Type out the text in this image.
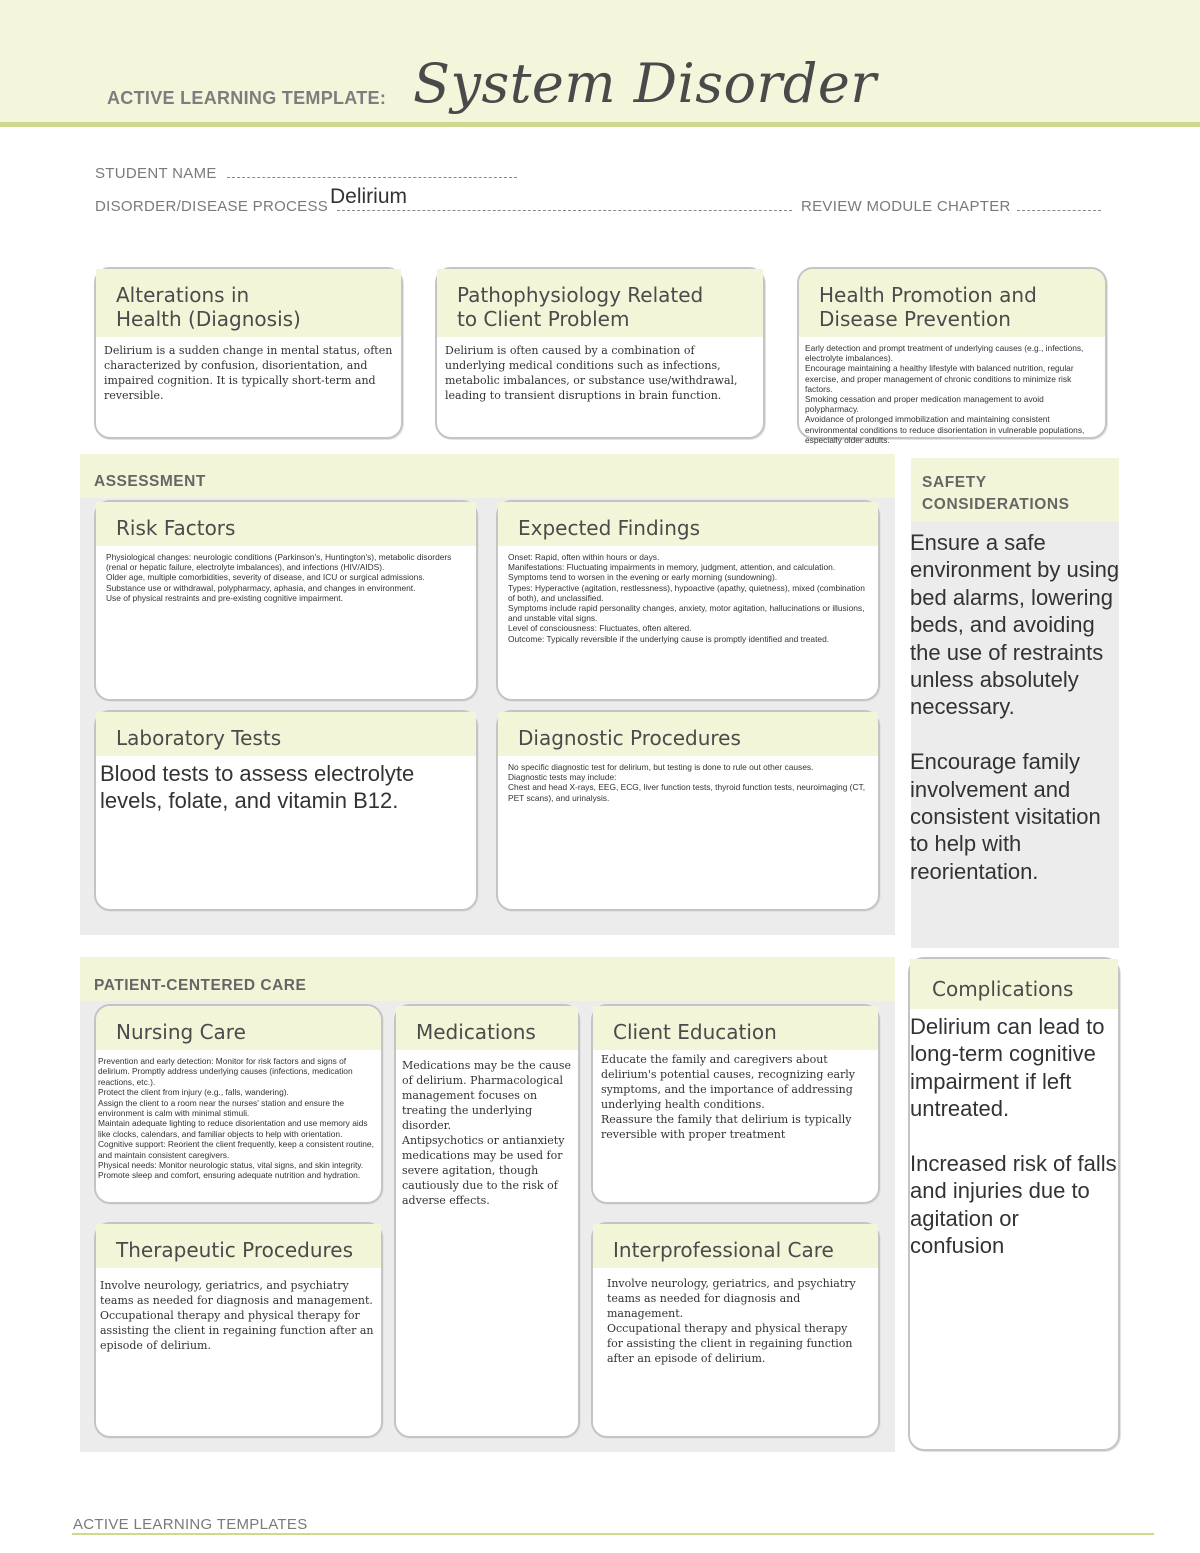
ACTIVE LEARNING TEMPLATE: System Disorder
STUDENT NAME
DISORDER/DISEASE PROCESS Delirium	REVIEW MODULE CHAPTER
Alterations in
Health (Diagnosis)
Delirium is a sudden change in mental status, often characterized by confusion, disorientation, and impaired cognition. It is typically short-term and reversible.
Pathophysiology Related
to Client Problem
Delirium is often caused by a combination of underlying medical conditions such as infections, metabolic imbalances, or substance use/withdrawal, leading to transient disruptions in brain function.
Health Promotion and
Disease Prevention
Early detection and prompt treatment of underlying causes (e.g., infections, electrolyte imbalances).
Encourage maintaining a healthy lifestyle with balanced nutrition, regular exercise, and proper management of chronic conditions to minimize risk factors.
Smoking cessation and proper medication management to avoid polypharmacy.
Avoidance of prolonged immobilization and maintaining consistent environmental conditions to reduce disorientation in vulnerable populations, especially older adults.
ASSESSMENT
Risk Factors
Physiological changes: neurologic conditions (Parkinson's, Huntington's), metabolic disorders (renal or hepatic failure, electrolyte imbalances), and infections (HIV/AIDS).
Older age, multiple comorbidities, severity of disease, and ICU or surgical admissions.
Substance use or withdrawal, polypharmacy, aphasia, and changes in environment.
Use of physical restraints and pre-existing cognitive impairment.
Expected Findings
Onset: Rapid, often within hours or days.
Manifestations: Fluctuating impairments in memory, judgment, attention, and calculation. Symptoms tend to worsen in the evening or early morning (sundowning).
Types: Hyperactive (agitation, restlessness), hypoactive (apathy, quietness), mixed (combination of both), and unclassified.
Symptoms include rapid personality changes, anxiety, motor agitation, hallucinations or illusions, and unstable vital signs.
Level of consciousness: Fluctuates, often altered.
Outcome: Typically reversible if the underlying cause is promptly identified and treated.
Laboratory Tests
Blood tests to assess electrolyte levels, folate, and vitamin B12.
Diagnostic Procedures
No specific diagnostic test for delirium, but testing is done to rule out other causes.
Diagnostic tests may include:
Chest and head X-rays, EEG, ECG, liver function tests, thyroid function tests, neuroimaging (CT, PET scans), and urinalysis.
SAFETY
CONSIDERATIONS
Ensure a safe environment by using bed alarms, lowering beds, and avoiding the use of restraints unless absolutely necessary.

Encourage family involvement and consistent visitation to help with reorientation.
PATIENT-CENTERED CARE
Nursing Care
Prevention and early detection: Monitor for risk factors and signs of delirium. Promptly address underlying causes (infections, medication reactions, etc.).
Protect the client from injury (e.g., falls, wandering).
Assign the client to a room near the nurses' station and ensure the environment is calm with minimal stimuli.
Maintain adequate lighting to reduce disorientation and use memory aids like clocks, calendars, and familiar objects to help with orientation.
Cognitive support: Reorient the client frequently, keep a consistent routine, and maintain consistent caregivers.
Physical needs: Monitor neurologic status, vital signs, and skin integrity. Promote sleep and comfort, ensuring adequate nutrition and hydration.
Medications
Medications may be the cause of delirium. Pharmacological management focuses on treating the underlying disorder.
Antipsychotics or antianxiety medications may be used for severe agitation, though cautiously due to the risk of adverse effects.
Client Education
Educate the family and caregivers about delirium's potential causes, recognizing early symptoms, and the importance of addressing underlying health conditions.
Reassure the family that delirium is typically reversible with proper treatment
Therapeutic Procedures
Involve neurology, geriatrics, and psychiatry teams as needed for diagnosis and management.
Occupational therapy and physical therapy for assisting the client in regaining function after an episode of delirium.
Interprofessional Care
Involve neurology, geriatrics, and psychiatry teams as needed for diagnosis and management.
Occupational therapy and physical therapy for assisting the client in regaining function after an episode of delirium.
Complications
Delirium can lead to long-term cognitive impairment if left untreated.

Increased risk of falls and injuries due to agitation or confusion
ACTIVE LEARNING TEMPLATES
